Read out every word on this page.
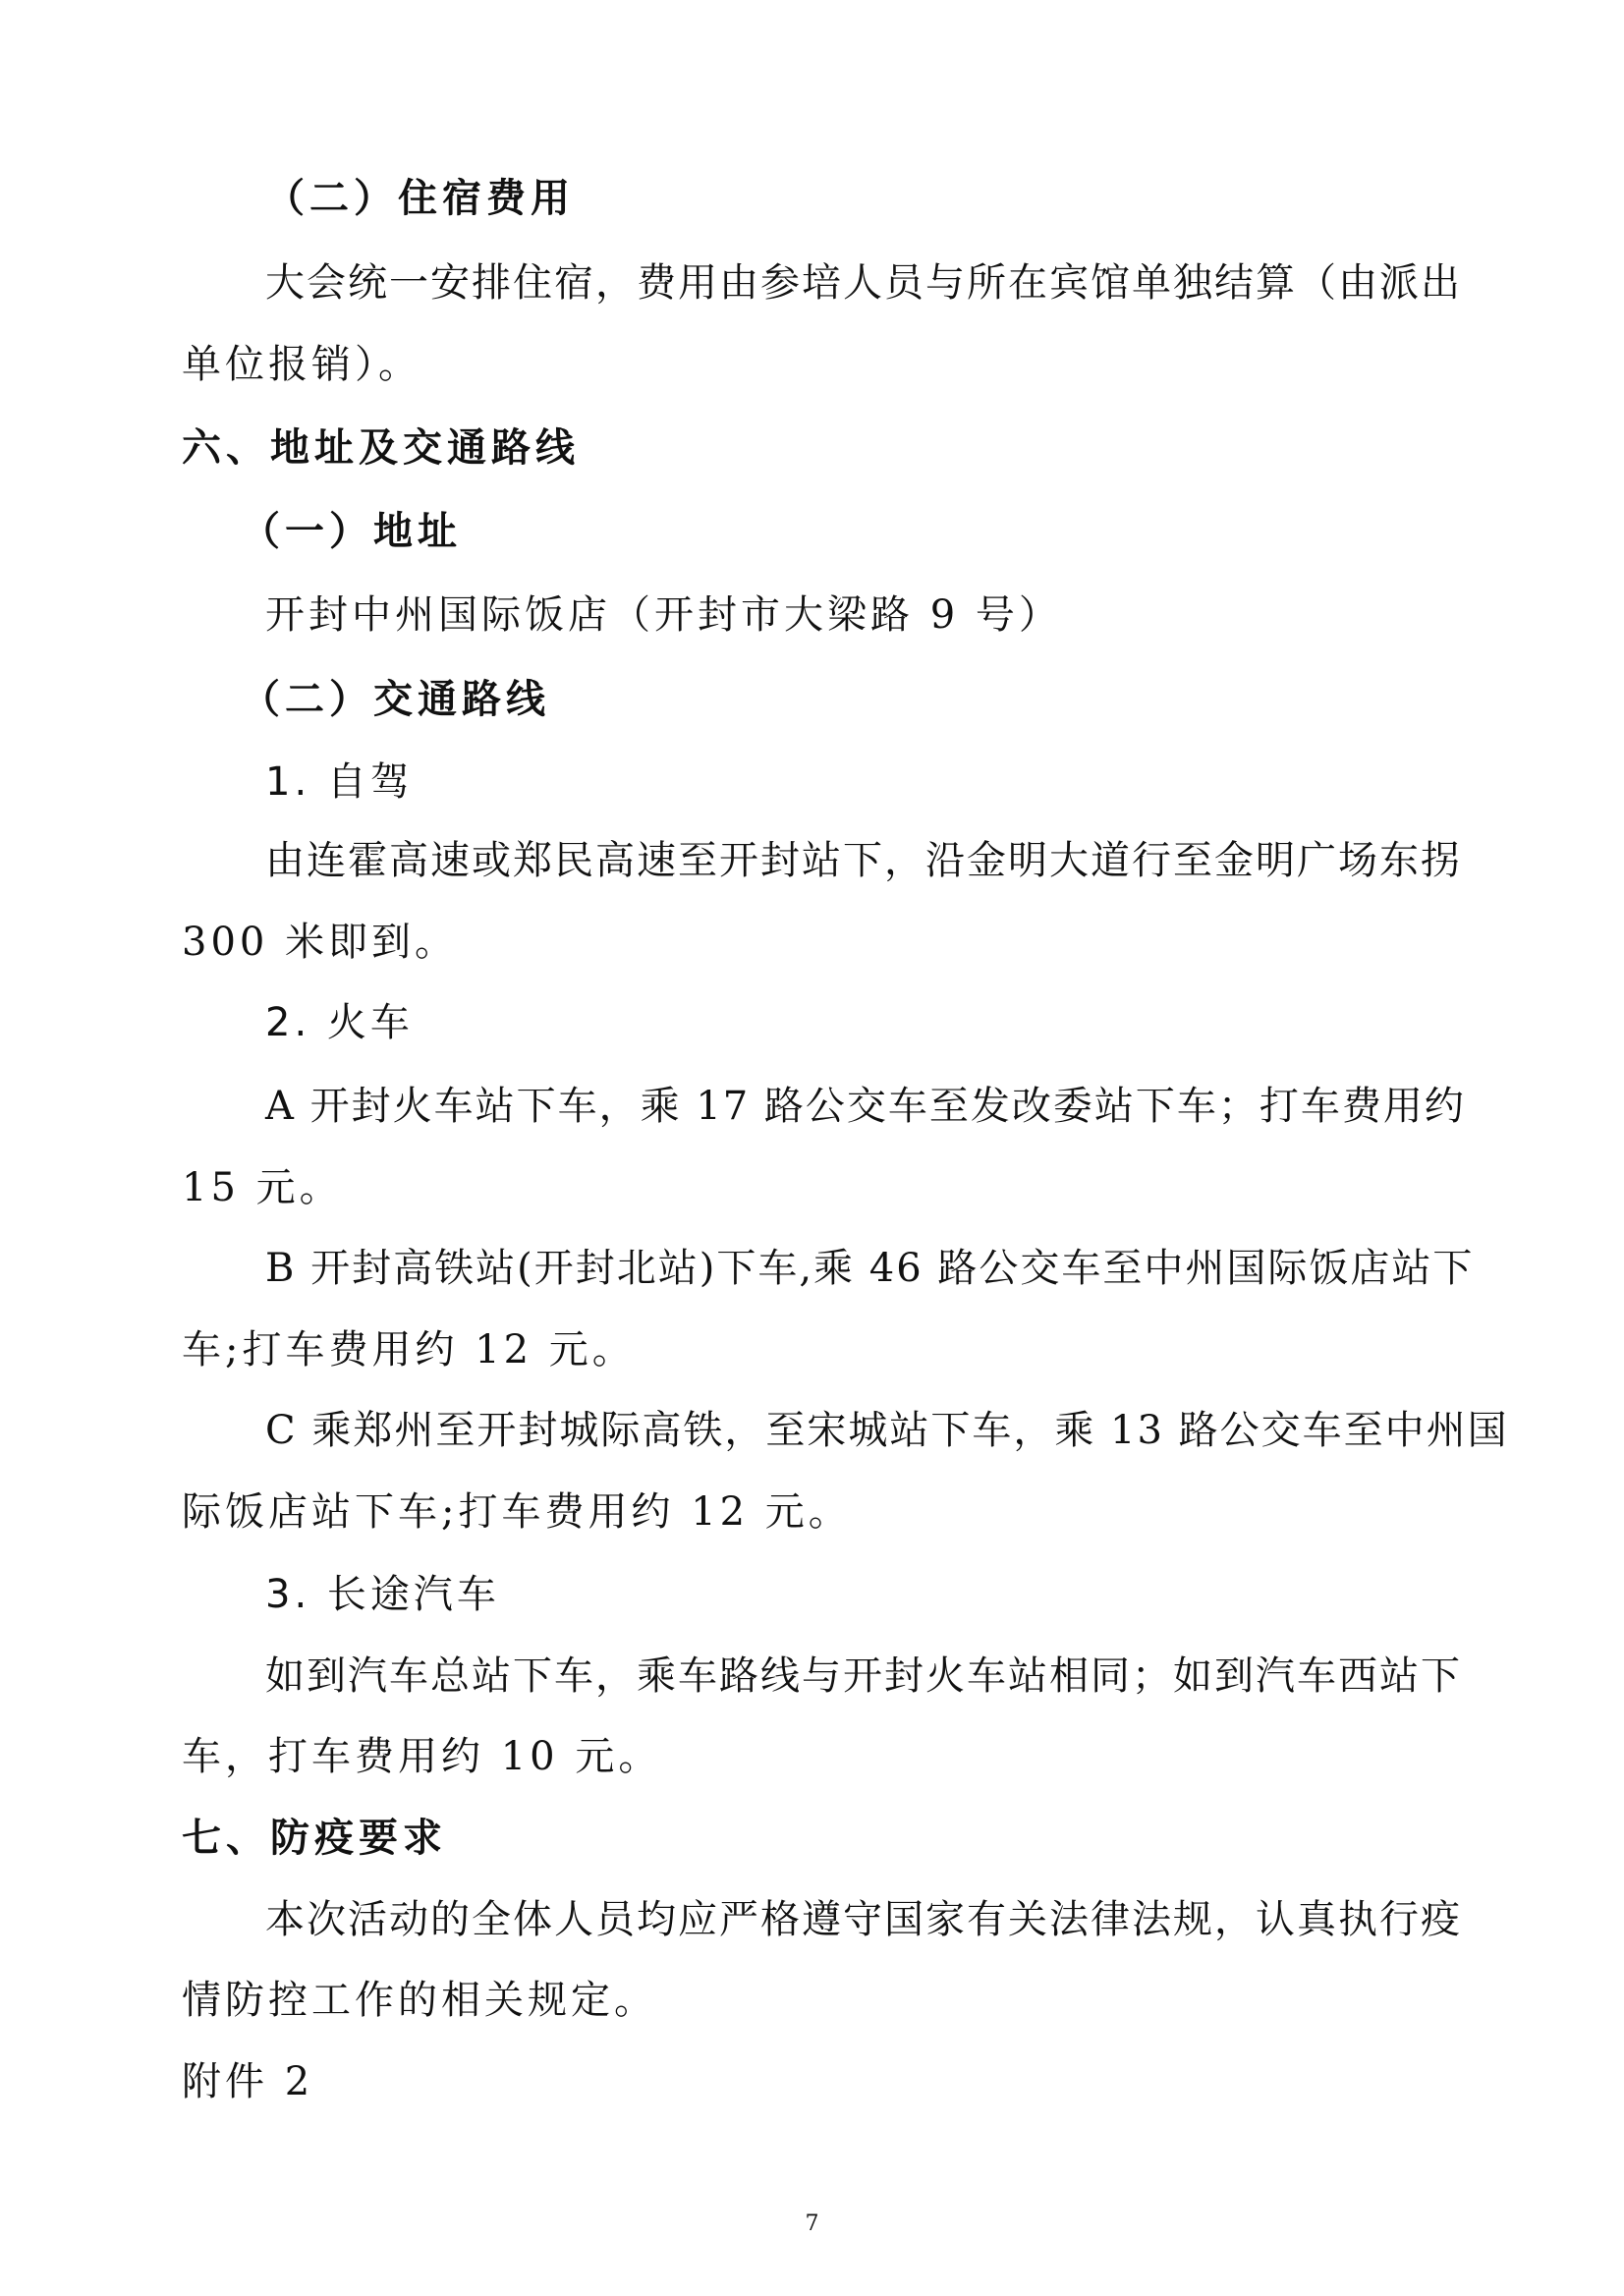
（二）住宿费用
大会统一安排住宿，费用由参培人员与所在宾馆单独结算（由派出
单位报销）。
六、地址及交通路线
（一）地址
开封中州国际饭店（开封市大梁路 9 号）
（二）交通路线
1. 自驾
由连霍高速或郑民高速至开封站下，沿金明大道行至金明广场东拐
300 米即到。
2. 火车
A 开封火车站下车，乘 17 路公交车至发改委站下车；打车费用约
15 元。
B 开封高铁站(开封北站)下车,乘 46 路公交车至中州国际饭店站下
车;打车费用约 12 元。
C 乘郑州至开封城际高铁，至宋城站下车，乘 13 路公交车至中州国
际饭店站下车;打车费用约 12 元。
3. 长途汽车
如到汽车总站下车，乘车路线与开封火车站相同；如到汽车西站下
车，打车费用约 10 元。
七、防疫要求
本次活动的全体人员均应严格遵守国家有关法律法规，认真执行疫
情防控工作的相关规定。
附件 2
7
